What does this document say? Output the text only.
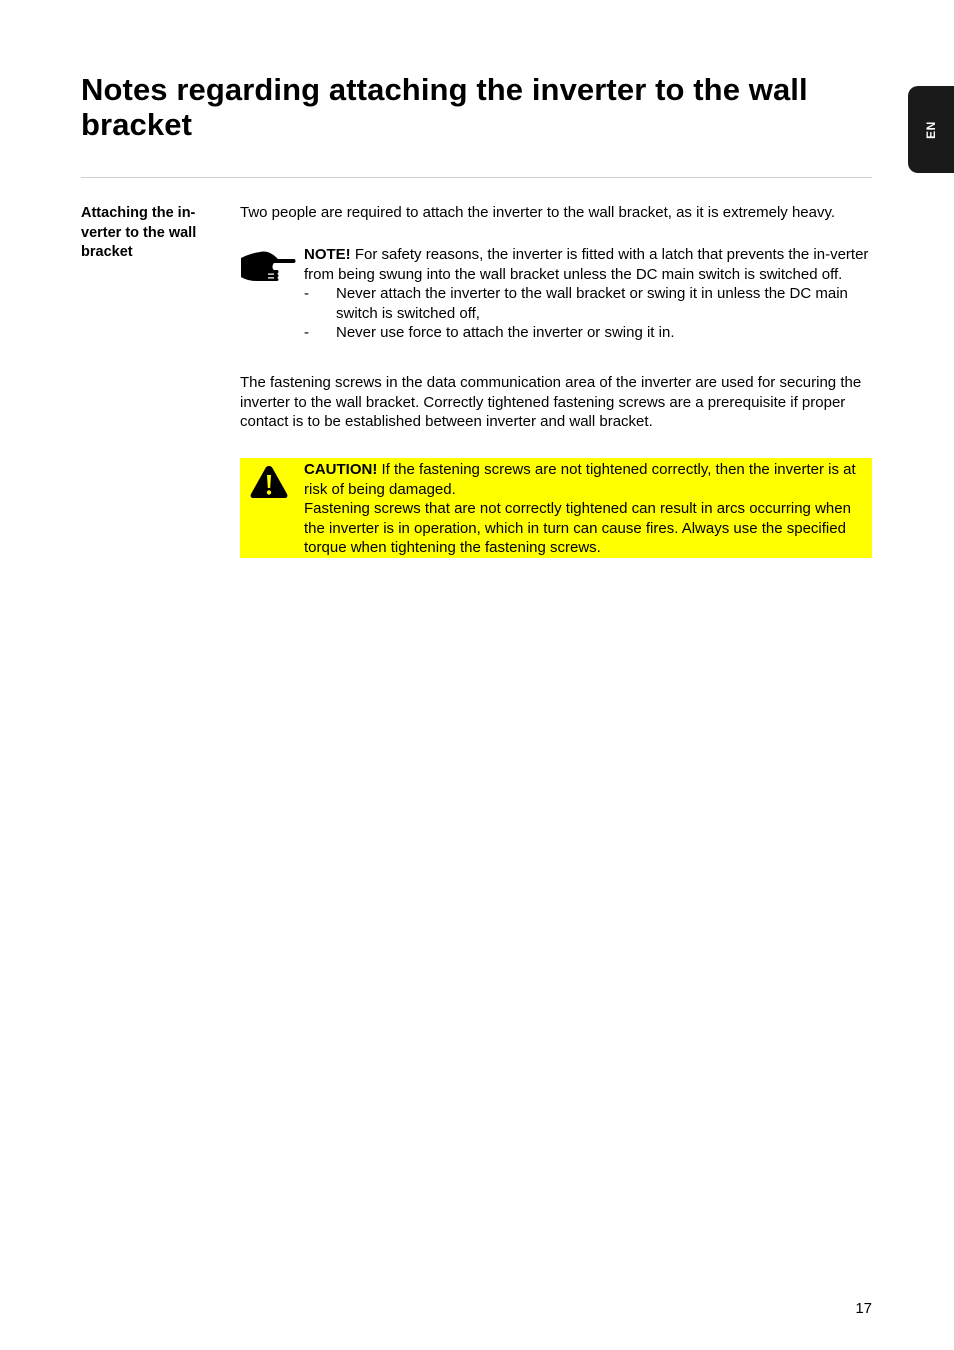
Notes regarding attaching the inverter to the wall bracket	EN
Attaching the in-
verter to the wall
bracket
Two people are required to attach the inverter to the wall bracket, as it is extremely heavy.
NOTE! For safety reasons, the inverter is fitted with a latch that prevents the in-verter from being swung into the wall bracket unless the DC main switch is switched off.
- Never attach the inverter to the wall bracket or swing it in unless the DC main switch is switched off,
- Never use force to attach the inverter or swing it in.
The fastening screws in the data communication area of the inverter are used for securing the inverter to the wall bracket. Correctly tightened fastening screws are a prerequisite if proper contact is to be established between inverter and wall bracket.
CAUTION! If the fastening screws are not tightened correctly, then the inverter is at risk of being damaged.
Fastening screws that are not correctly tightened can result in arcs occurring when the inverter is in operation, which in turn can cause fires. Always use the specified torque when tightening the fastening screws.
17
